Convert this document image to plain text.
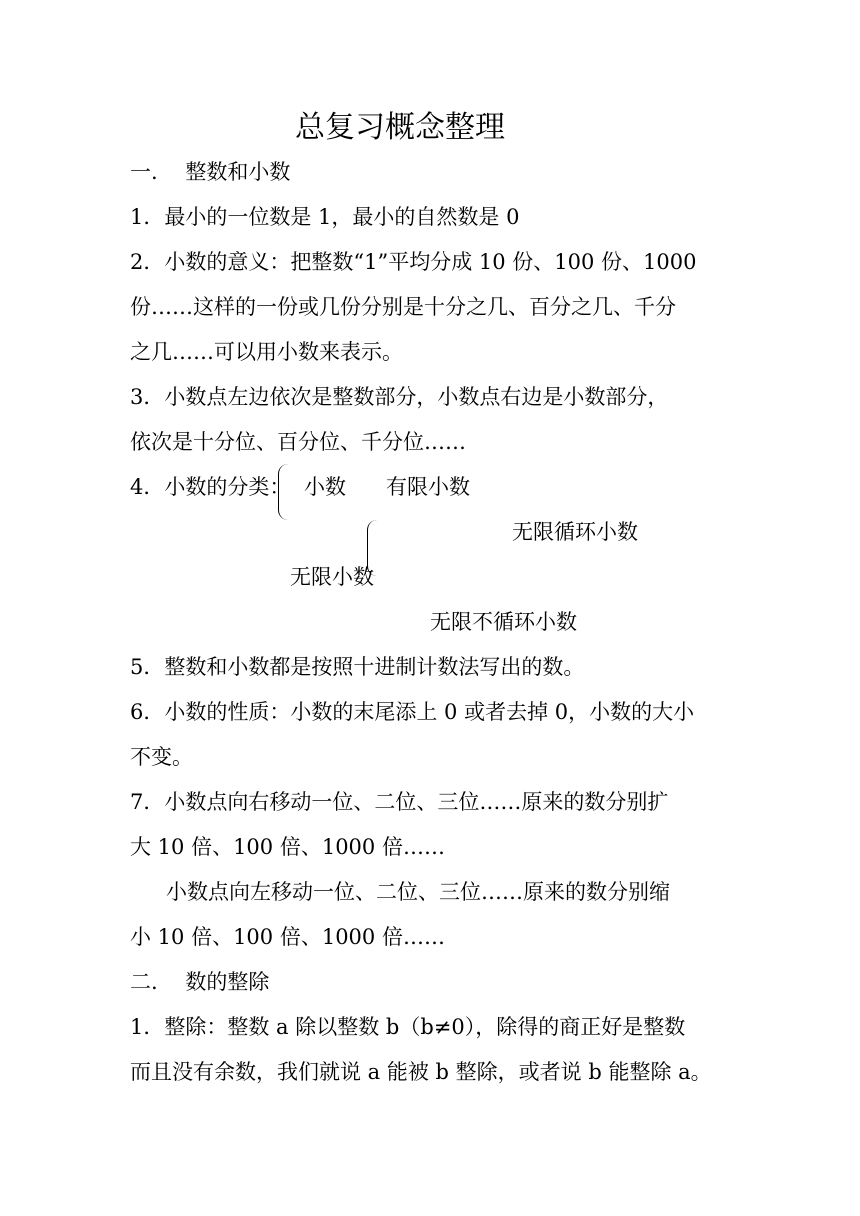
总复习概念整理
一.　 整数和小数
1．最小的一位数是 1，最小的自然数是 0
2．小数的意义：把整数“1”平均分成 10 份、100 份、1000
份……这样的一份或几份分别是十分之几、百分之几、千分
之几……可以用小数来表示。
3．小数点左边依次是整数部分，小数点右边是小数部分，
依次是十分位、百分位、千分位……
4．小数的分类： 小数 有限小数
无限循环小数
无限小数
无限不循环小数
5．整数和小数都是按照十进制计数法写出的数。
6．小数的性质：小数的末尾添上 0 或者去掉 0，小数的大小
不变。
7．小数点向右移动一位、二位、三位……原来的数分别扩
大 10 倍、100 倍、1000 倍……
小数点向左移动一位、二位、三位……原来的数分别缩
小 10 倍、100 倍、1000 倍……
二.　 数的整除
1．整除：整数 a 除以整数 b（b≠0），除得的商正好是整数
而且没有余数，我们就说 a 能被 b 整除，或者说 b 能整除 a。
